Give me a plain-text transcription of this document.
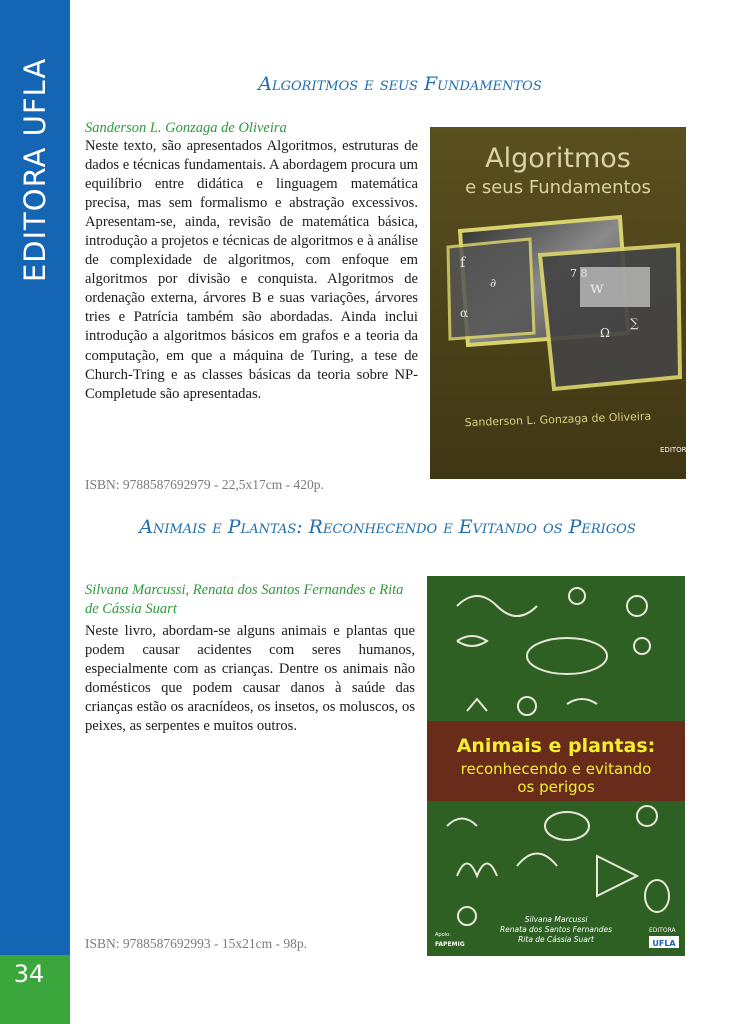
EDITORA UFLA
34
Algoritmos e seus Fundamentos
Sanderson L. Gonzaga de Oliveira

Neste texto, são apresentados Algoritmos, estruturas de dados e técnicas fundamentais. A abordagem procura um equilíbrio entre didática e linguagem matemática precisa, mas sem formalismo e abstração excessivos. Apresentam-se, ainda, revisão de matemática básica, introdução a projetos e técnicas de algoritmos e à análise de complexidade de algoritmos, com enfoque em algoritmos por divisão e conquista. Algoritmos de ordenação externa, árvores B e suas variações, árvores tries e Patrícia também são abordadas. Ainda inclui introdução a algoritmos básicos em grafos e a teoria da computação, em que a máquina de Turing, a tese de Church-Tring e as classes básicas da teoria sobre NP-Completude são apresentadas.

ISBN: 9788587692979 - 22,5x17cm - 420p.
Algoritmos
e seus Fundamentos
f
∂
α
w
∑
Ω
7 8
Sanderson L. Gonzaga de Oliveira
EDITORA
Animais e Plantas: Reconhecendo e Evitando os Perigos
Silvana Marcussi, Renata dos Santos Fernandes e Rita de Cássia Suart

Neste livro, abordam-se alguns animais e plantas que podem causar acidentes com seres humanos, especialmente com as crianças. Dentre os animais não domésticos que podem causar danos à saúde das crianças estão os aracnídeos, os insetos, os moluscos, os peixes, as serpentes e muitos outros.

ISBN: 9788587692993 - 15x21cm - 98p.
Animais e plantas:
reconhecendo e evitando
os perigos
Silvana Marcussi
Renata dos Santos Fernandes
Rita de Cássia Suart
Apoio:
FAPEMIG
EDITORA
UFLA
